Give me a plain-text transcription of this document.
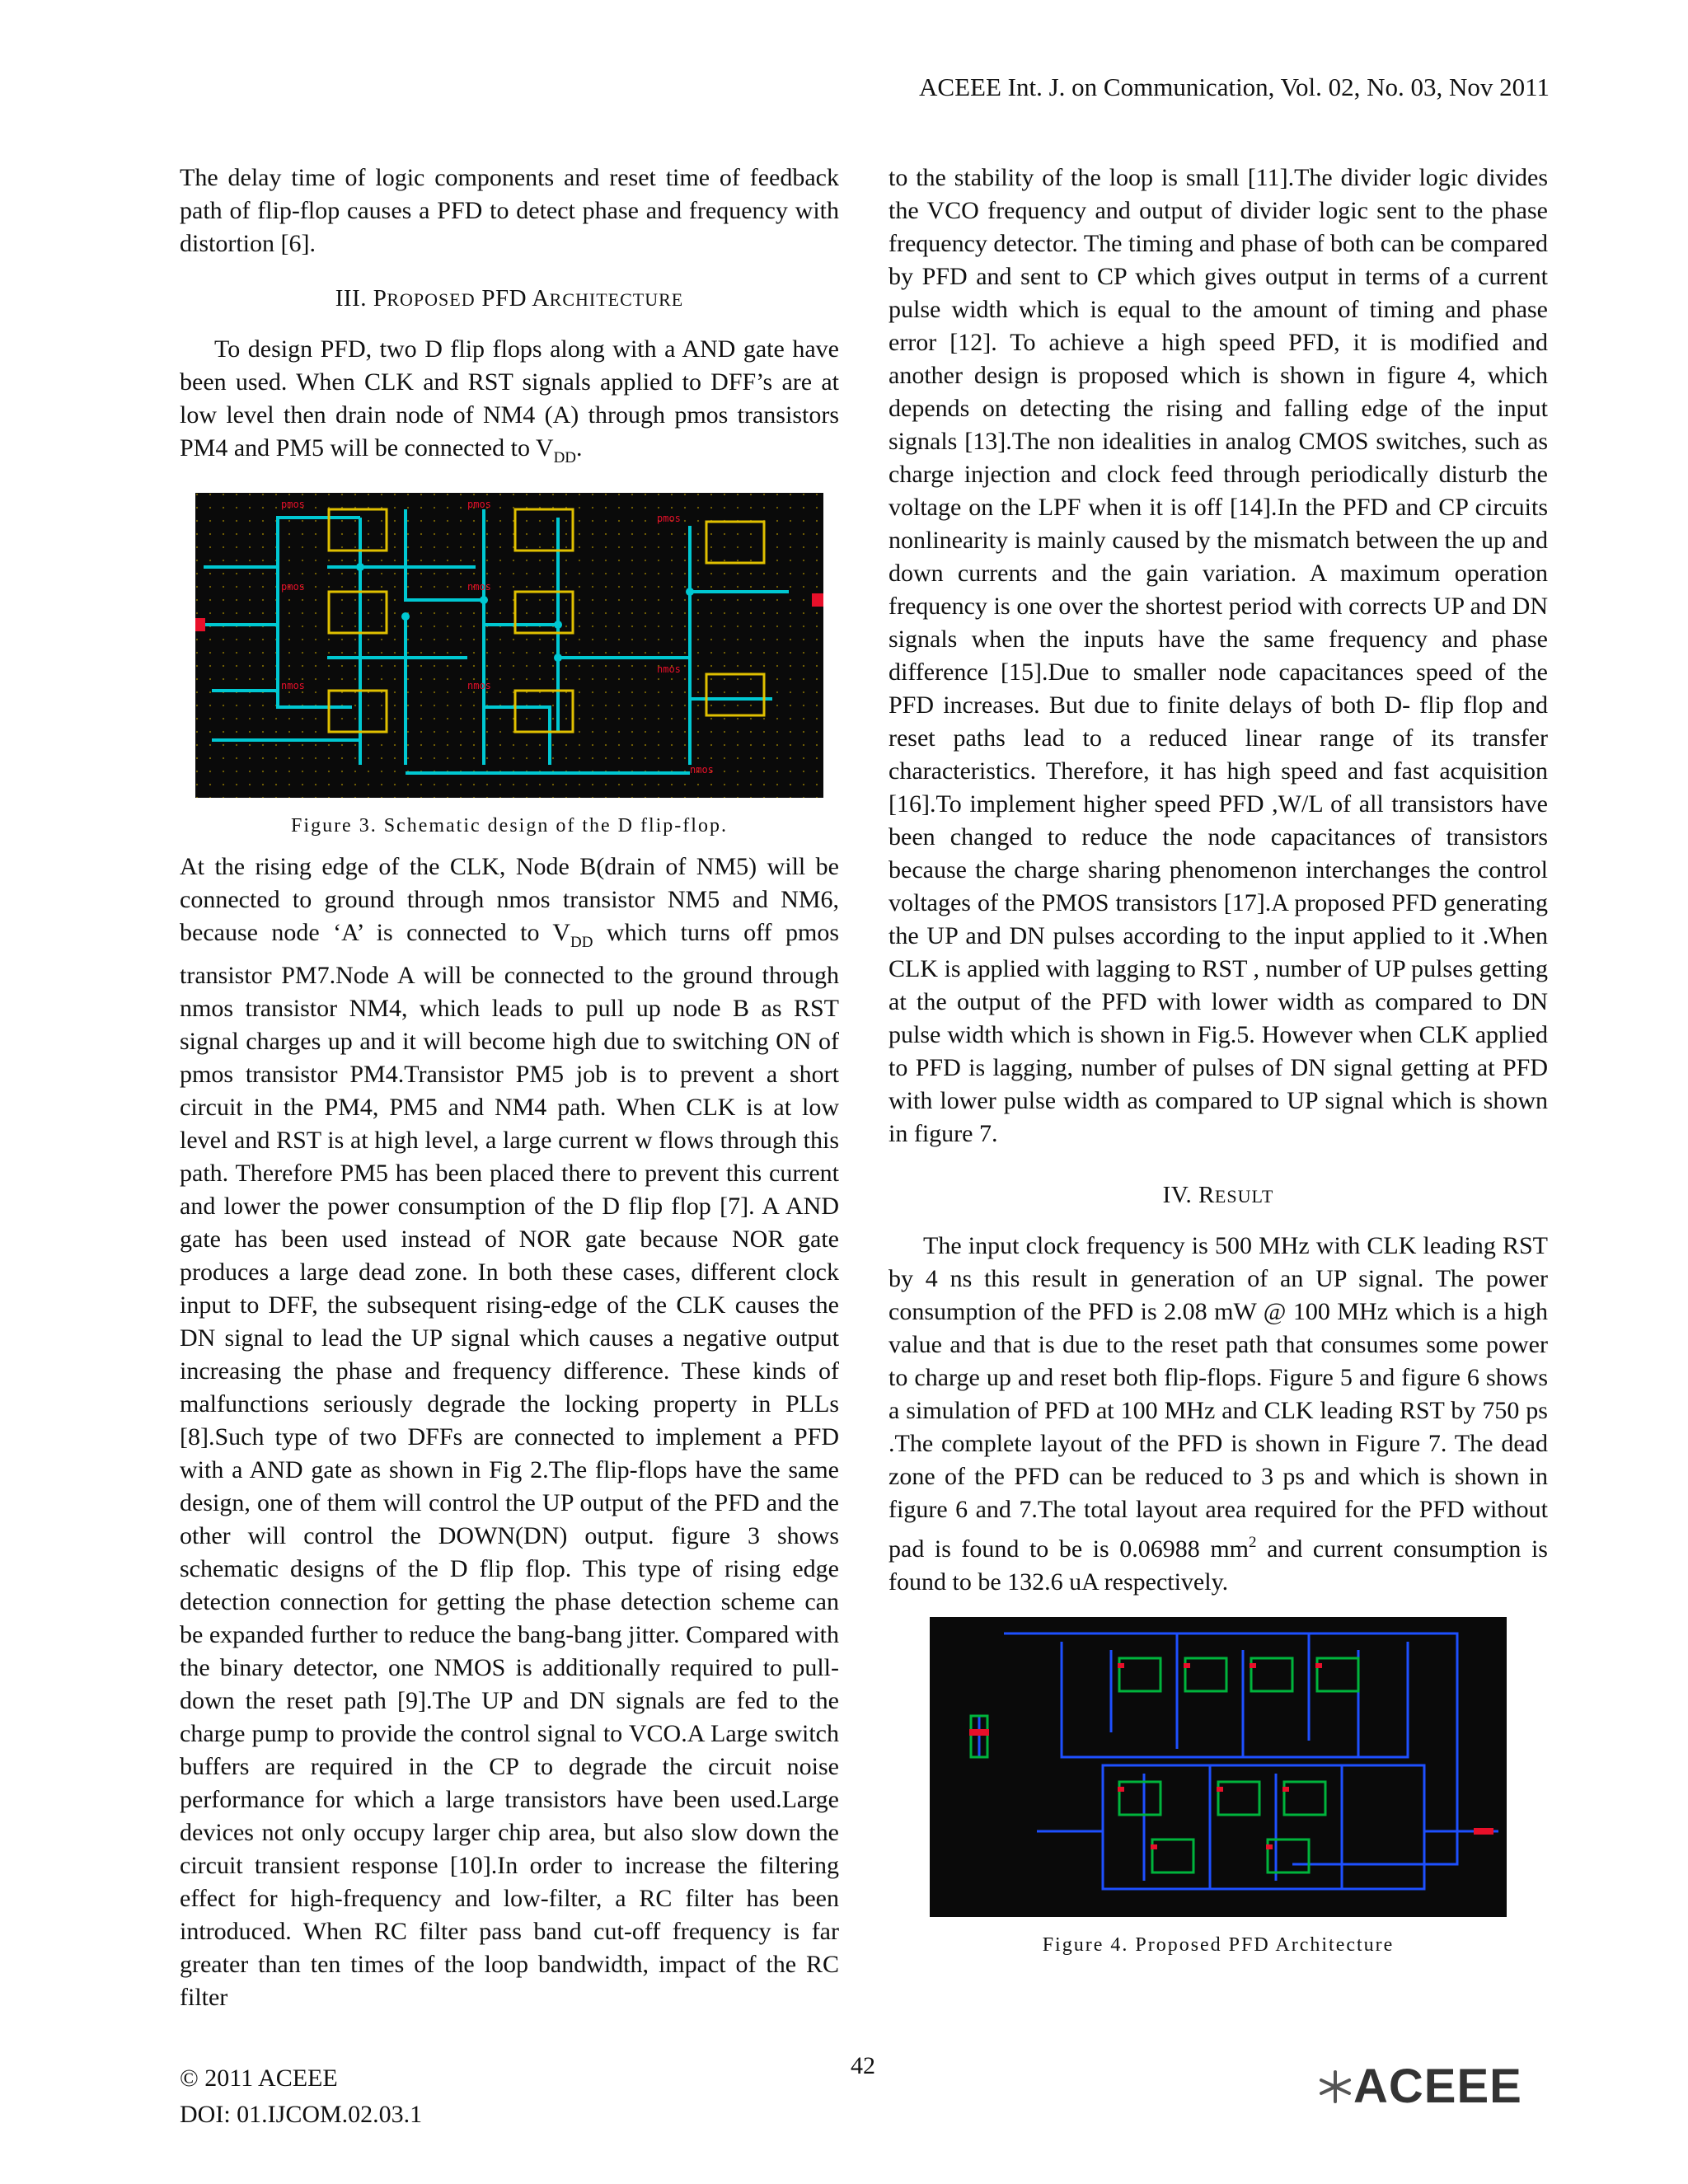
ACEEE Int. J. on Communication, Vol. 02, No. 03, Nov 2011

The delay time of logic components and reset time of feedback path of flip-flop causes a PFD to detect phase and frequency with distortion [6].

III. PROPOSED PFD ARCHITECTURE

To design PFD, two D flip flops along with a AND gate have been used. When CLK and RST signals applied to DFF’s are at low level then drain node of NM4 (A) through pmos transistors PM4 and PM5 will be connected to $V_{DD}$.

pmos
pmos
pmos
pmos
nmos
nmos
nmos
nmos
nmos
Figure 3. Schematic design of the D flip-flop.

At the rising edge of the CLK, Node B(drain of NM5) will be connected to ground through nmos transistor NM5 and NM6, because node ‘A’ is connected to $V_{DD}$ which turns off pmos transistor PM7.Node A will be connected to the ground through nmos transistor NM4, which leads to pull up node B as RST signal charges up and it will become high due to switching ON of pmos transistor PM4.Transistor PM5 job is to prevent a short circuit in the PM4, PM5 and NM4 path. When CLK is at low level and RST is at high level, a large current w flows through this path. Therefore PM5 has been placed there to prevent this current and lower the power consumption of the D flip flop [7]. A AND gate has been used instead of NOR gate because NOR gate produces a large dead zone. In both these cases, different clock input to DFF, the subsequent rising-edge of the CLK causes the DN signal to lead the UP signal which causes a negative output increasing the phase and frequency difference. These kinds of malfunctions seriously degrade the locking property in PLLs [8].Such type of two DFFs are connected to implement a PFD with a AND gate as shown in Fig 2.The flip-flops have the same design, one of them will control the UP output of the PFD and the other will control the DOWN(DN) output. figure 3 shows schematic designs of the D flip flop. This type of rising edge detection connection for getting the phase detection scheme can be expanded further to reduce the bang-bang jitter. Compared with the binary detector, one NMOS is additionally required to pull-down the reset path [9].The UP and DN signals are fed to the charge pump to provide the control signal to VCO.A Large switch buffers are required in the CP to degrade the circuit noise performance for which a large transistors have been used.Large devices not only occupy larger chip area, but also slow down the circuit transient response [10].In order to increase the filtering effect for high-frequency and low-filter, a RC filter has been introduced. When RC filter pass band cut-off frequency is far greater than ten times of the loop bandwidth, impact of the RC filter

to the stability of the loop is small [11].The divider logic divides the VCO frequency and output of divider logic sent to the phase frequency detector. The timing and phase of both can be compared by PFD and sent to CP which gives output in terms of a current pulse width which is equal to the amount of timing and phase error [12]. To achieve a high speed PFD, it is modified and another design is proposed which is shown in figure 4, which depends on detecting the rising and falling edge of the input signals [13].The non idealities in analog CMOS switches, such as charge injection and clock feed through periodically disturb the voltage on the LPF when it is off [14].In the PFD and CP circuits nonlinearity is mainly caused by the mismatch between the up and down currents and the gain variation. A maximum operation frequency is one over the shortest period with corrects UP and DN signals when the inputs have the same frequency and phase difference [15].Due to smaller node capacitances speed of the PFD increases. But due to finite delays of both D- flip flop and reset paths lead to a reduced linear range of its transfer characteristics. Therefore, it has high speed and fast acquisition [16].To implement higher speed PFD ,W/L of all transistors have been changed to reduce the node capacitances of transistors because the charge sharing phenomenon interchanges the control voltages of the PMOS transistors [17].A proposed PFD generating the UP and DN pulses according to the input applied to it .When CLK is applied with lagging to RST , number of UP pulses getting at the output of the PFD with lower width as compared to DN pulse width which is shown in Fig.5. However when CLK applied to PFD is lagging, number of pulses of DN signal getting at PFD with lower pulse width as compared to UP signal which is shown in figure 7.

IV. RESULT

The input clock frequency is 500 MHz with CLK leading RST by 4 ns this result in generation of an UP signal. The power consumption of the PFD is 2.08 mW @ 100 MHz which is a high value and that is due to the reset path that consumes some power to charge up and reset both flip-flops. Figure 5 and figure 6 shows a simulation of PFD at 100 MHz and CLK leading RST by 750 ps .The complete layout of the PFD is shown in Figure 7. The dead zone of the PFD can be reduced to 3 ps and which is shown in figure 6 and 7.The total layout area required for the PFD without pad is found to be is 0.06988 $mm^2$ and current consumption is found to be 132.6 uA respectively.

Figure 4. Proposed PFD Architecture
© 2011 ACEEE
DOI: 01.IJCOM.02.03.1
42	ACEEE
